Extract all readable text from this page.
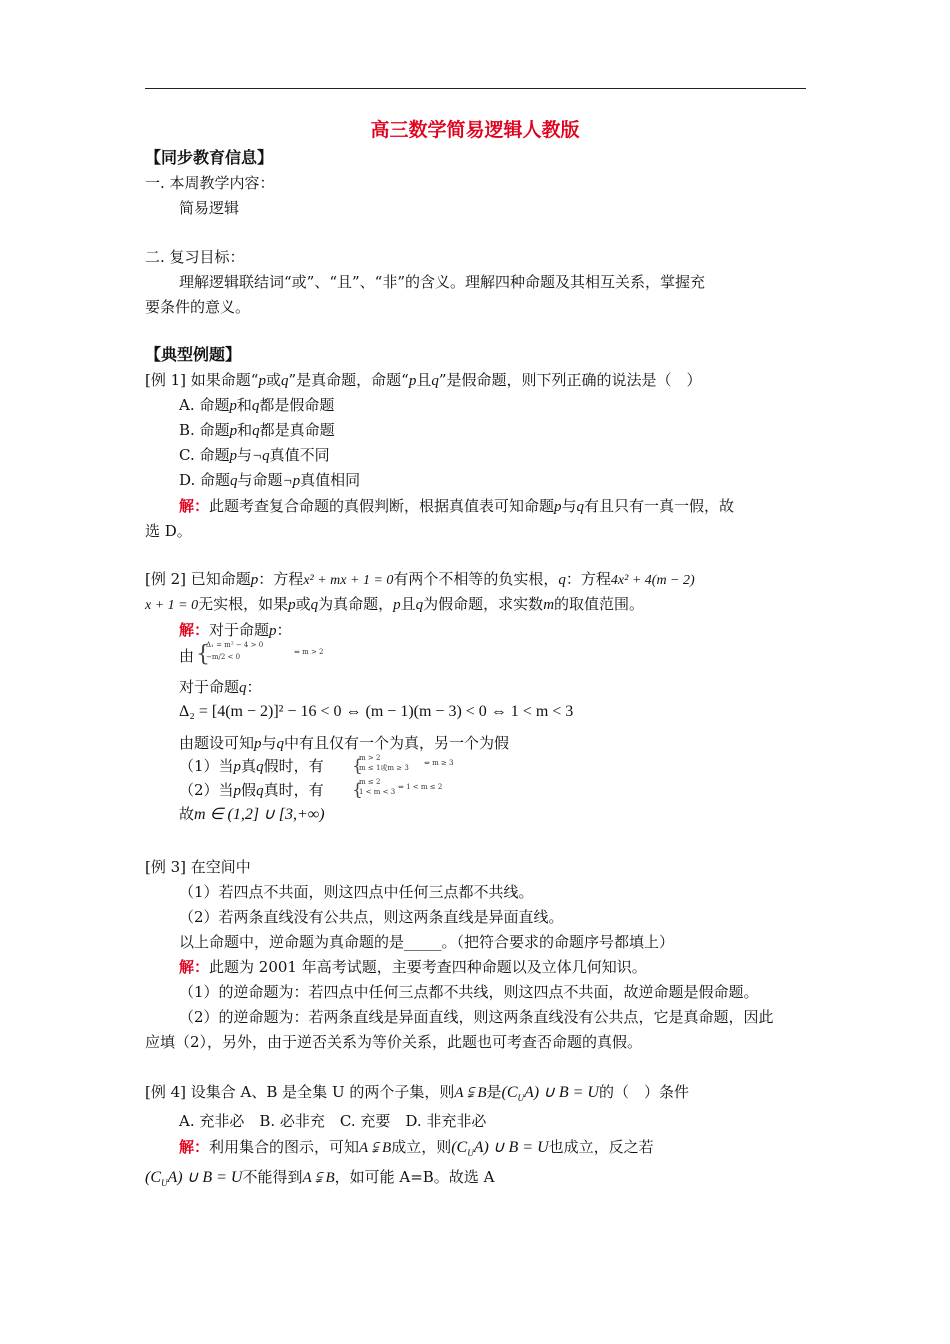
高三数学简易逻辑人教版
【同步教育信息】
一. 本周教学内容：
简易逻辑
二. 复习目标：
理解逻辑联结词“或”、“且”、“非”的含义。理解四种命题及其相互关系，掌握充
要条件的意义。
【典型例题】
[例 1] 如果命题“p或q”是真命题，命题“p且q”是假命题，则下列正确的说法是（　）
A. 命题p和q都是假命题
B. 命题p和q都是真命题
C. 命题p与¬q真值不同
D. 命题q与命题¬p真值相同
解：此题考查复合命题的真假判断，根据真值表可知命题p与q有且只有一真一假，故
选 D。
[例 2] 已知命题p：方程x² + mx + 1 = 0有两个不相等的负实根，q：方程4x² + 4(m − 2)
x + 1 = 0无实根，如果p或q为真命题，p且q为假命题，求实数m的取值范围。
解：对于命题p：
由 {
Δ₁ = m² − 4 > 0
−m/2 < 0
⇔ m > 2
对于命题q：
Δ₂ = [4(m − 2)]² − 16 < 0 ⇔ (m − 1)(m − 3) < 0 ⇔ 1 < m < 3
由题设可知p与q中有且仅有一个为真，另一个为假
（1）当p真q假时，有 {
m > 2
m ≤ 1或m ≥ 3
⇔ m ≥ 3
（2）当p假q真时，有 {
m ≤ 2
1 < m < 3
⇔ 1 < m ≤ 2
故m ∈ (1,2] ∪ [3,+∞)
[例 3] 在空间中
（1）若四点不共面，则这四点中任何三点都不共线。
（2）若两条直线没有公共点，则这两条直线是异面直线。
以上命题中，逆命题为真命题的是_____。（把符合要求的命题序号都填上）
解：此题为 2001 年高考试题，主要考查四种命题以及立体几何知识。
（1）的逆命题为：若四点中任何三点都不共线，则这四点不共面，故逆命题是假命题。
（2）的逆命题为：若两条直线是异面直线，则这两条直线没有公共点，它是真命题，因此
应填（2），另外，由于逆否关系为等价关系，此题也可考查否命题的真假。
[例 4] 设集合 A、B 是全集 U 的两个子集，则A ⫋ B是$(C_UA)$ ∪ B = U的（　）条件
A. 充非必　B. 必非充　C. 充要　D. 非充非必
解：利用集合的图示，可知A ⫋ B成立，则$(C_UA)$ ∪ B = U也成立，反之若
$(C_UA)$ ∪ B = U不能得到A ⫋ B，如可能 A=B。故选 A
